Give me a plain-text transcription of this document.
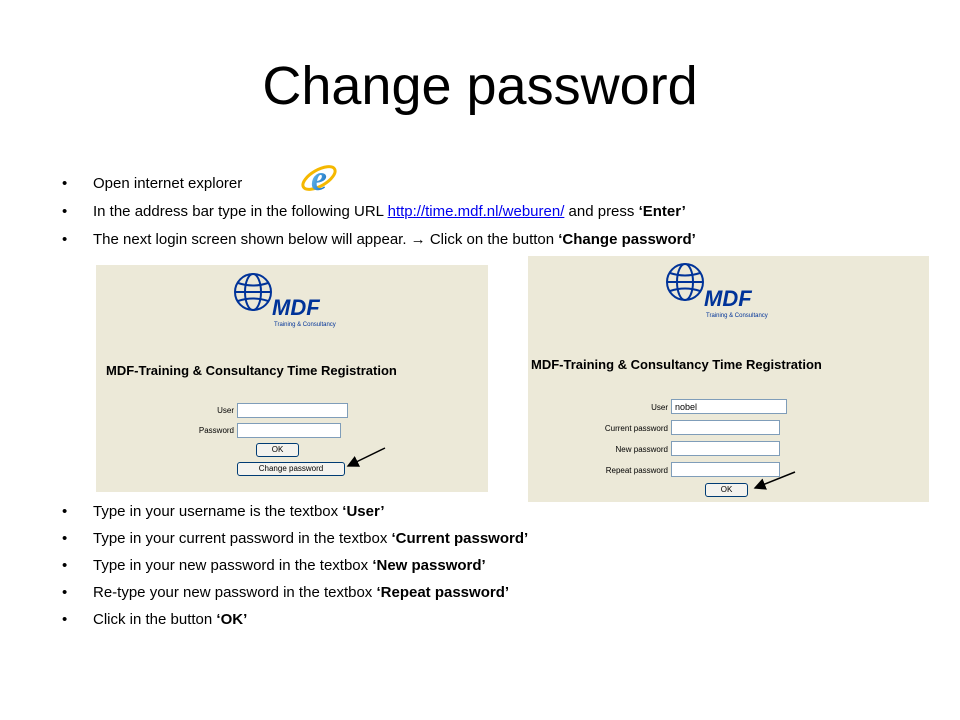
Change password
• Open internet explorer e
• In the address bar type in the following URL http://time.mdf.nl/weburen/ and press ‘Enter’
• The next login screen shown below will appear. → Click on the button ‘Change password’
MDF
Training & Consultancy
MDF-Training & Consultancy Time Registration
User
Password
OK
Change password
MDF
Training & Consultancy
MDF-Training & Consultancy Time Registration
User nobel
Current password
New password
Repeat password
OK
• Type in your username is the textbox ‘User’
• Type in your current password in the textbox ‘Current password’
• Type in your new password in the textbox ‘New password’
• Re-type your new password in the textbox ‘Repeat password’
• Click in the button ‘OK’
